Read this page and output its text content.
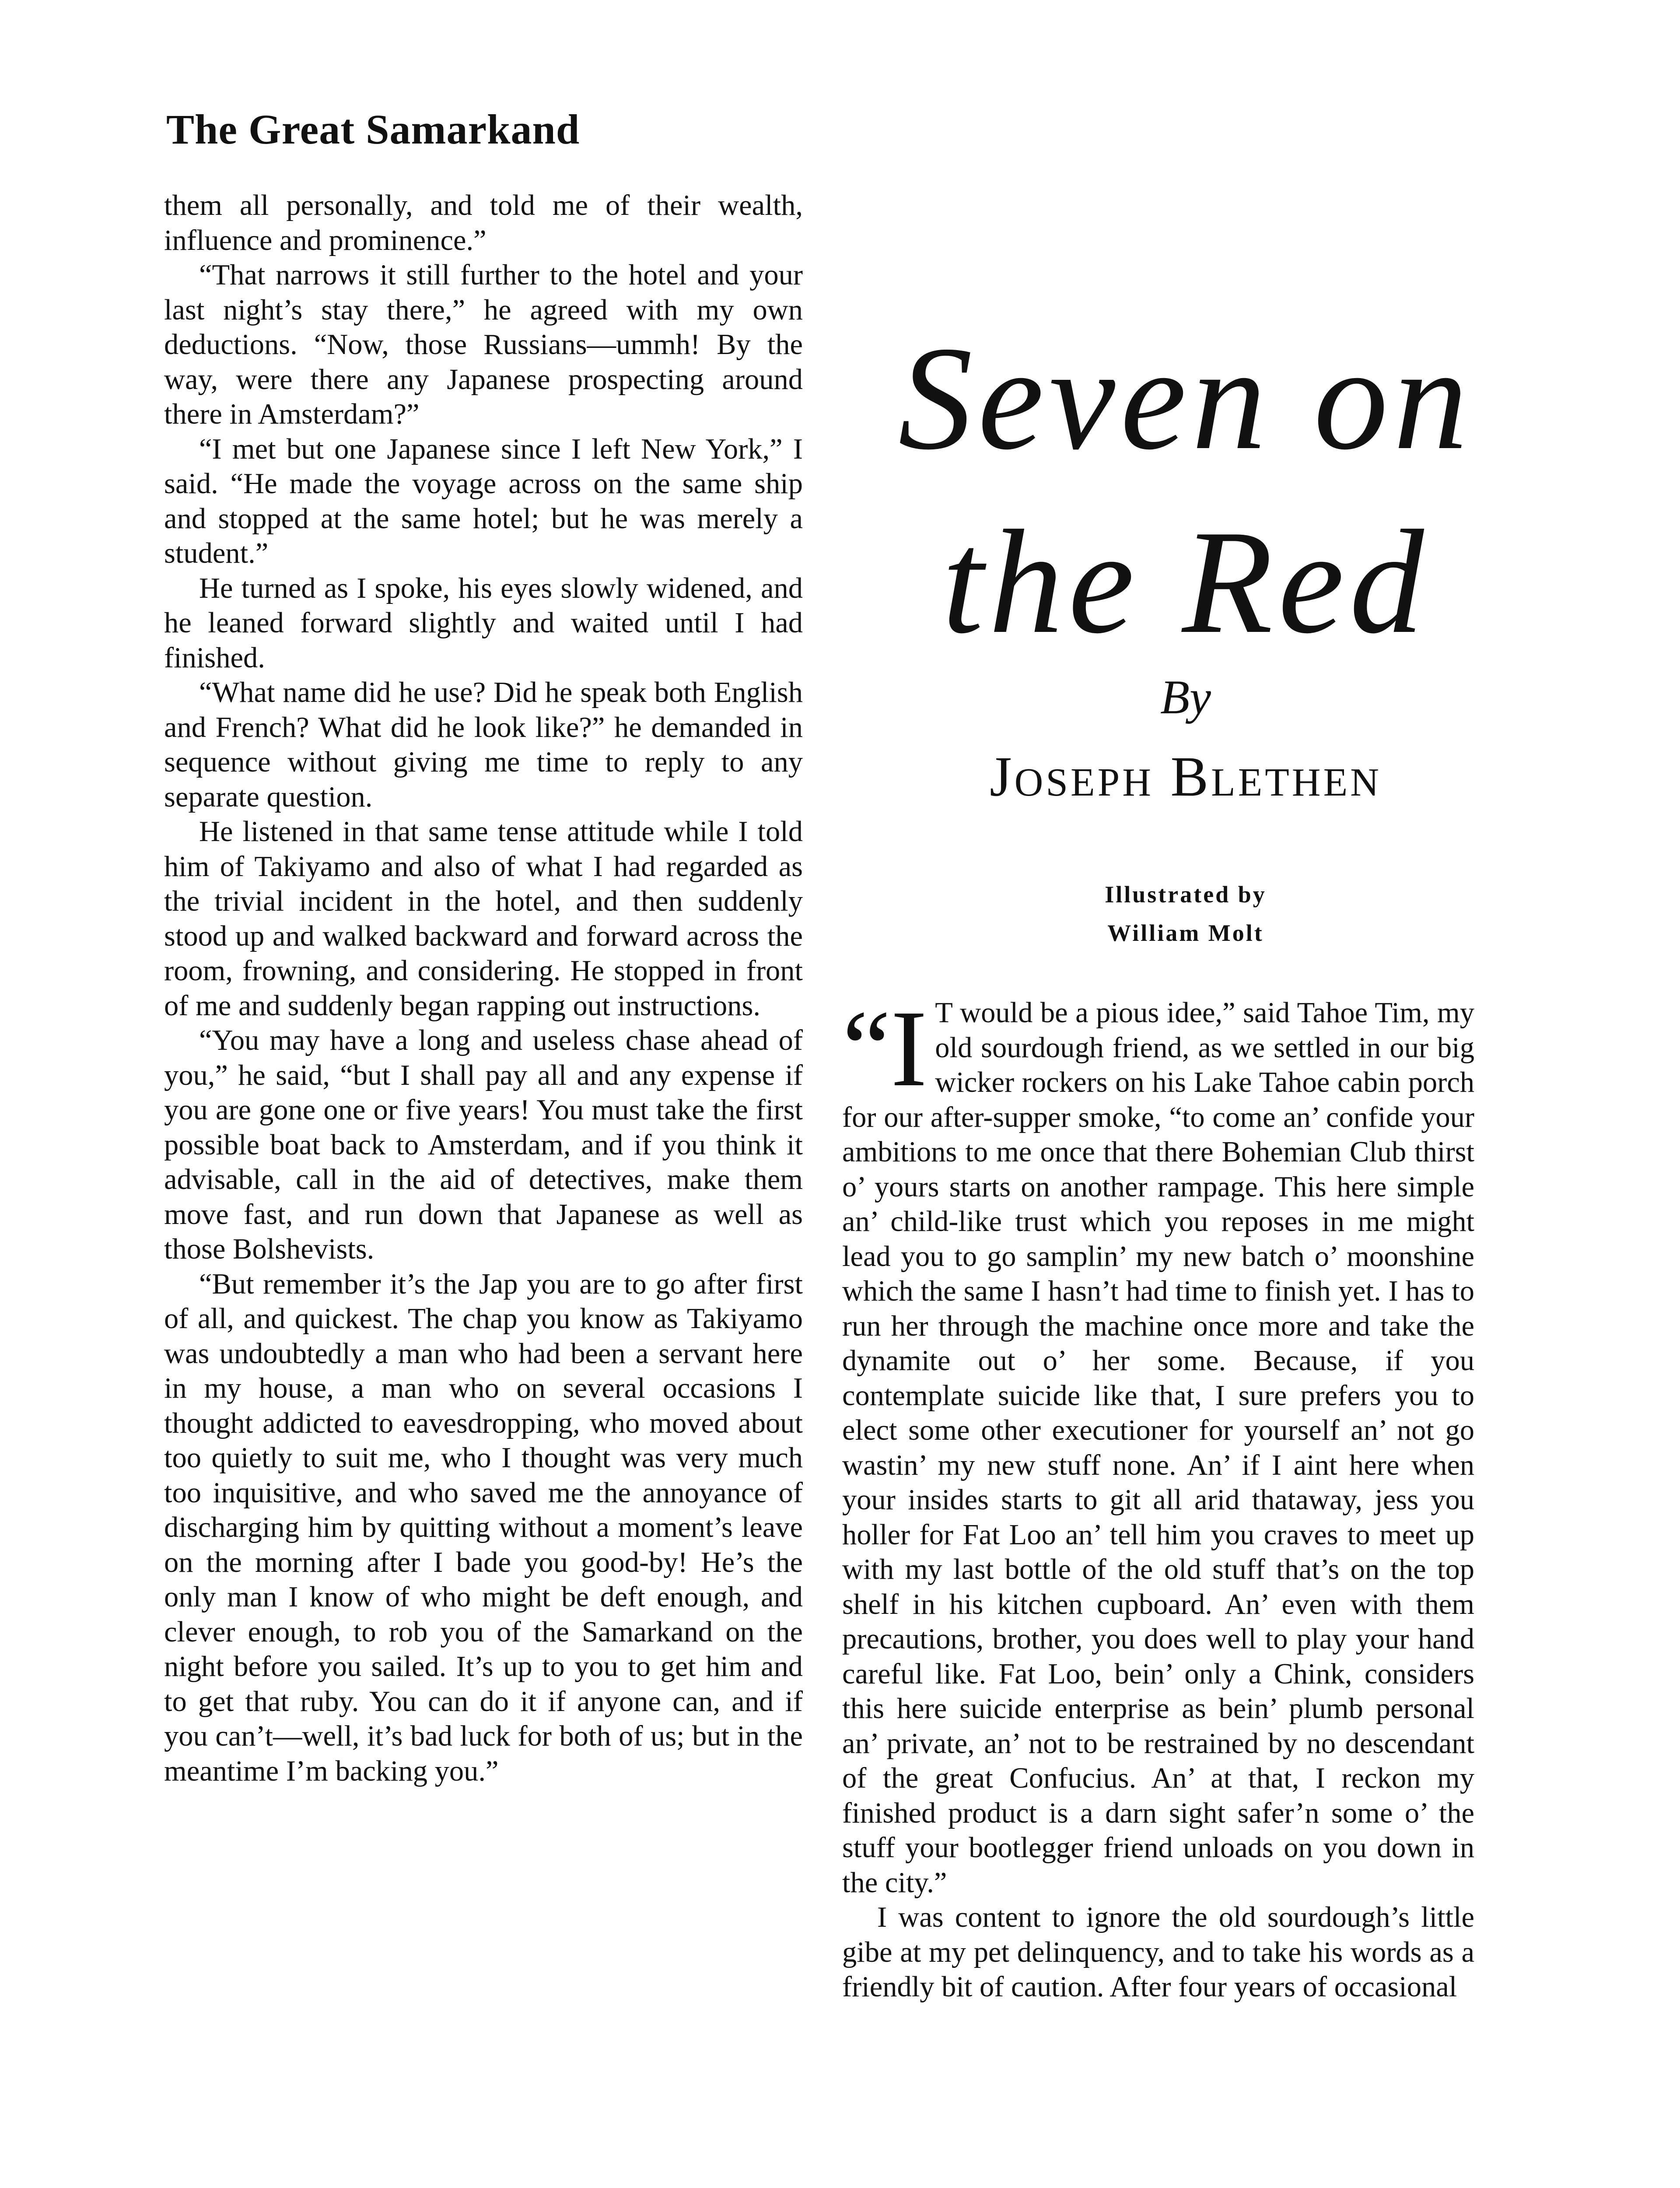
The Great Samarkand

them all personally, and told me of their wealth, influence and prominence.”

“That narrows it still further to the hotel and your last night’s stay there,” he agreed with my own deductions. “Now, those Russians—ummh! By the way, were there any Japanese prospecting around there in Amsterdam?”

“I met but one Japanese since I left New York,” I said. “He made the voyage across on the same ship and stopped at the same hotel; but he was merely a student.”

He turned as I spoke, his eyes slowly widened, and he leaned forward slightly and waited until I had finished.

“What name did he use? Did he speak both English and French? What did he look like?” he demanded in sequence without giving me time to reply to any separate question.

He listened in that same tense attitude while I told him of Takiyamo and also of what I had regarded as the trivial incident in the hotel, and then suddenly stood up and walked backward and forward across the room, frowning, and considering. He stopped in front of me and suddenly began rapping out instructions.

“You may have a long and useless chase ahead of you,” he said, “but I shall pay all and any expense if you are gone one or five years! You must take the first possible boat back to Amsterdam, and if you think it advisable, call in the aid of detectives, make them move fast, and run down that Japanese as well as those Bolshevists.

“But remember it’s the Jap you are to go after first of all, and quickest. The chap you know as Takiyamo was undoubtedly a man who had been a servant here in my house, a man who on several occasions I thought addicted to eavesdropping, who moved about too quietly to suit me, who I thought was very much too inquisitive, and who saved me the annoyance of discharging him by quitting without a moment’s leave on the morning after I bade you good-by! He’s the only man I know of who might be deft enough, and clever enough, to rob you of the Samarkand on the night before you sailed. It’s up to you to get him and to get that ruby. You can do it if anyone can, and if you can’t—well, it’s bad luck for both of us; but in the meantime I’m backing you.”

Seven on
the Red
By
Joseph Blethen
Illustrated by
William Molt

“I T would be a pious idee,” said Tahoe Tim, my old sourdough friend, as we settled in our big wicker rockers on his Lake Tahoe cabin porch for our after-supper smoke, “to come an’ confide your ambitions to me once that there Bohemian Club thirst o’ yours starts on another rampage. This here simple an’ child-like trust which you reposes in me might lead you to go samplin’ my new batch o’ moonshine which the same I hasn’t had time to finish yet. I has to run her through the machine once more and take the dynamite out o’ her some. Because, if you contemplate suicide like that, I sure prefers you to elect some other executioner for yourself an’ not go wastin’ my new stuff none. An’ if I aint here when your insides starts to git all arid thataway, jess you holler for Fat Loo an’ tell him you craves to meet up with my last bottle of the old stuff that’s on the top shelf in his kitchen cupboard. An’ even with them precautions, brother, you does well to play your hand careful like. Fat Loo, bein’ only a Chink, considers this here suicide enterprise as bein’ plumb personal an’ private, an’ not to be restrained by no descendant of the great Confucius. An’ at that, I reckon my finished product is a darn sight safer’n some o’ the stuff your bootlegger friend unloads on you down in the city.”

I was content to ignore the old sourdough’s little gibe at my pet delinquency, and to take his words as a friendly bit of caution. After four years of occasional
